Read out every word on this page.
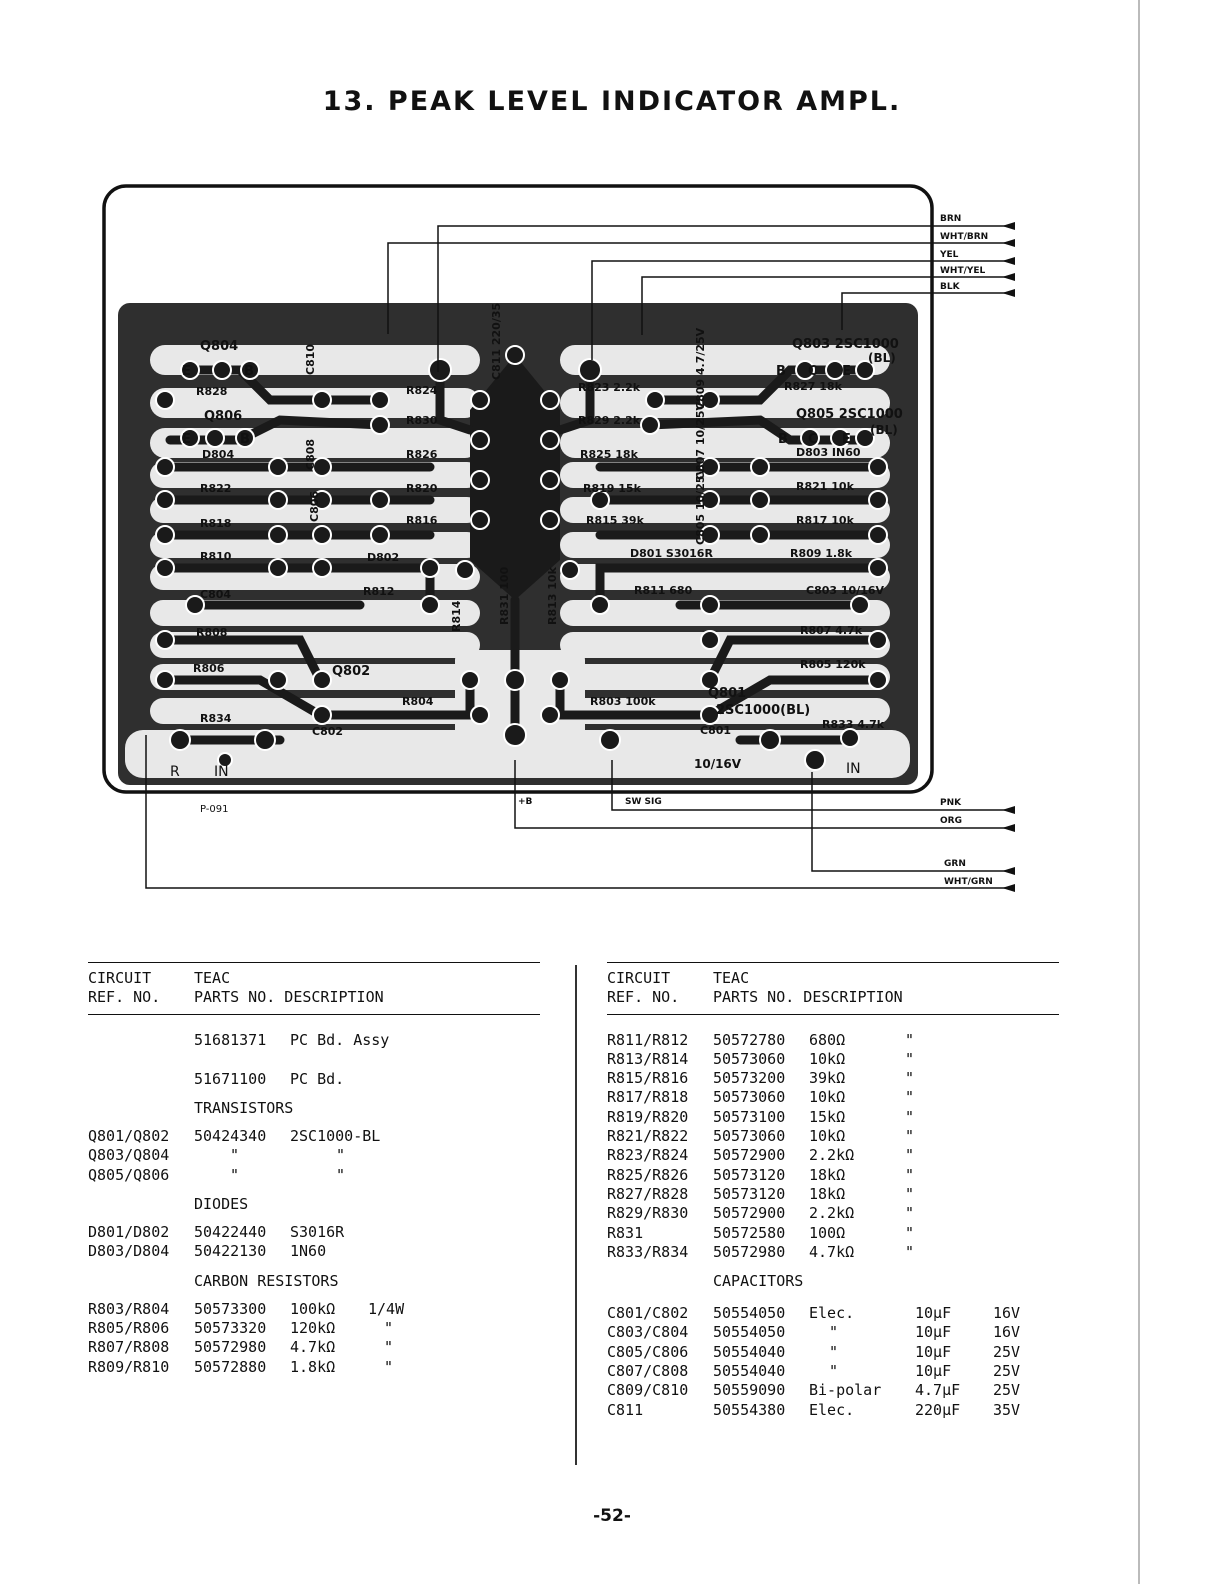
13. PEAK LEVEL INDICATOR AMPL.
BRN
WHT/BRN
YEL
WHT/YEL
BLK
PNK
ORG
GRN
WHT/GRN
+B	SW SIG
P-091
R IN	IN
Q804
Q806
R828
D804
R822
R818
R810
C804
R808
R806
R834
R824
R830
R826
R820
R816
D802
R812
R804
Q802
C802
C810
C808
C806
R814
C811 220/35
R831 100	R813 10k
C809 4.7/25V
C807 10/25V
C805 10/25V
R823 2.2k
R829 2.2k
R825 18k
R819 15k
R815 39k
D801 S3016R
R811 680
R803 100k
Q803 2SC1000
(BL)
R827 18k
Q805 2SC1000
(BL)
D803 IN60
R821 10k
R817 10k
R809 1.8k
C803 10/16V
R807 4.7k
R805 120k
Q801
2SC1000(BL)
R833 4.7k
C801
10/16V
E	B
E	B
B C E
B C E
CIRCUIT	TEAC
REF. NO. PARTS NO. DESCRIPTION
51681371 PC Bd. Assy
51671100 PC Bd.
TRANSISTORS
Q801/Q802 50424340 2SC1000-BL
Q803/Q804	"	"
Q805/Q806	"	"
DIODES
D801/D802 50422440 S3016R
D803/D804 50422130 1N60
CARBON RESISTORS
R803/R804 50573300 100kΩ 1/4W
R805/R806 50573320 120kΩ	"
R807/R808 50572980 4.7kΩ	"
R809/R810 50572880 1.8kΩ	"
CIRCUIT	TEAC
REF. NO. PARTS NO. DESCRIPTION
R811/R812 50572780 680Ω	"
R813/R814 50573060 10kΩ	"
R815/R816 50573200 39kΩ	"
R817/R818 50573060 10kΩ	"
R819/R820 50573100 15kΩ	"
R821/R822 50573060 10kΩ	"
R823/R824 50572900 2.2kΩ	"
R825/R826 50573120 18kΩ	"
R827/R828 50573120 18kΩ	"
R829/R830 50572900 2.2kΩ	"
R831	50572580 100Ω	"
R833/R834 50572980 4.7kΩ	"
CAPACITORS
C801/C802 50554050 Elec.	10μF	16V
C803/C804 50554050	"	10μF	16V
C805/C806 50554040	"	10μF	25V
C807/C808 50554040	"	10μF	25V
C809/C810 50559090 Bi-polar 4.7μF 25V
C811	50554380 Elec.	220μF 35V
-52-
